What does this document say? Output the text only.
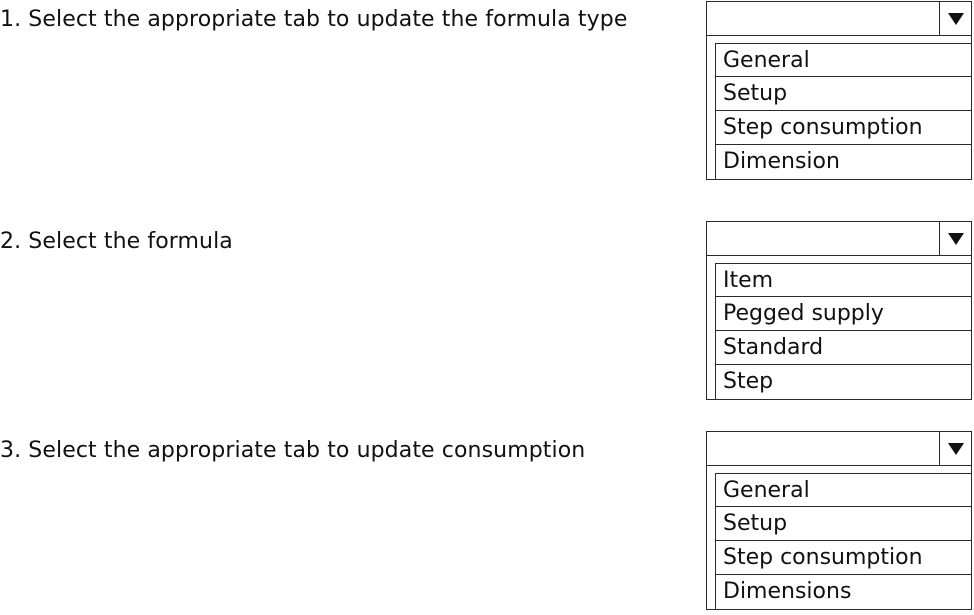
1. Select the appropriate tab to update the formula type
General
Setup
Step consumption
Dimension
2. Select the formula
Item
Pegged supply
Standard
Step
3. Select the appropriate tab to update consumption
General
Setup
Step consumption
Dimensions
